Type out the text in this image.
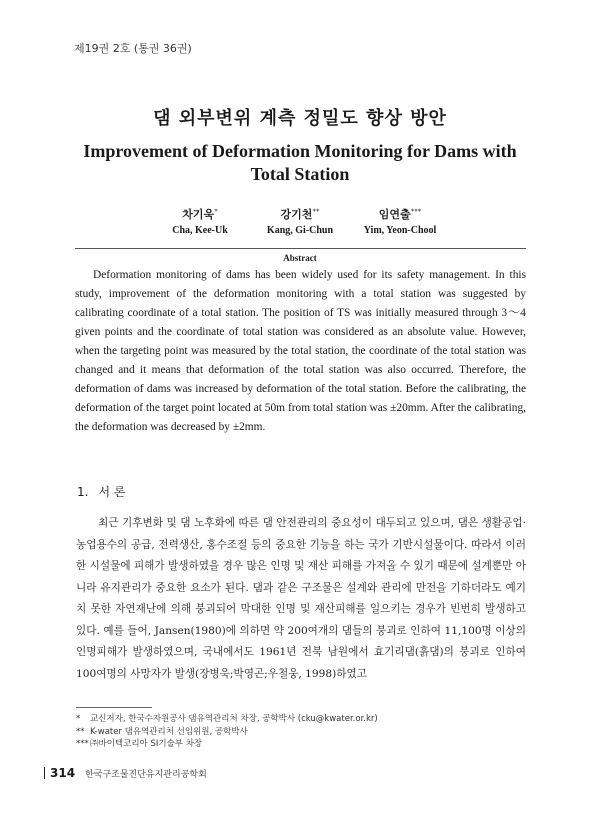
제19권 2호 (통권 36권)
댐 외부변위 계측 정밀도 향상 방안
Improvement of Deformation Monitoring for Dams with Total Station
차기욱*
Cha, Kee-Uk
강기천**
Kang, Gi-Chun
임연출***
Yim, Yeon-Chool
Abstract

Deformation monitoring of dams has been widely used for its safety management. In this study, improvement of the deformation monitoring with a total station was suggested by calibrating coordinate of a total station. The position of TS was initially measured through 3～4 given points and the coordinate of total station was considered as an absolute value. However, when the targeting point was measured by the total station, the coordinate of the total station was changed and it means that deformation of the total station was also occurred. Therefore, the deformation of dams was increased by deformation of the total station. Before the calibrating, the deformation of the target point located at 50m from total station was ±20mm. After the calibrating, the deformation was decreased by ±2mm.

1. 서 론

최근 기후변화 및 댐 노후화에 따른 댐 안전관리의 중요성이 대두되고 있으며, 댐은 생활공업·농업용수의 공급, 전력생산, 홍수조절 등의 중요한 기능을 하는 국가 기반시설물이다. 따라서 이러한 시설물에 피해가 발생하였을 경우 많은 인명 및 재산 피해를 가져올 수 있기 때문에 설계뿐만 아니라 유지관리가 중요한 요소가 된다. 댐과 같은 구조물은 설계와 관리에 만전을 기하더라도 예기치 못한 자연재난에 의해 붕괴되어 막대한 인명 및 재산피해를 일으키는 경우가 빈번히 발생하고 있다. 예를 들어, Jansen(1980)에 의하면 약 200여개의 댐들의 붕괴로 인하여 11,100명 이상의 인명피해가 발생하였으며, 국내에서도 1961년 전북 남원에서 효기리댐(흙댐)의 붕괴로 인하여 100여명의 사망자가 발생(장병욱;박영곤;우철웅, 1998)하였고

* 교신저자, 한국수자원공사 댐유역관리처 차장, 공학박사 (cku@kwater.or.kr)
** K-water 댐유역관리처 선임위원, 공학박사
***㈜바이텍코리아 SI기술부 차장
314 한국구조물진단유지관리공학회
